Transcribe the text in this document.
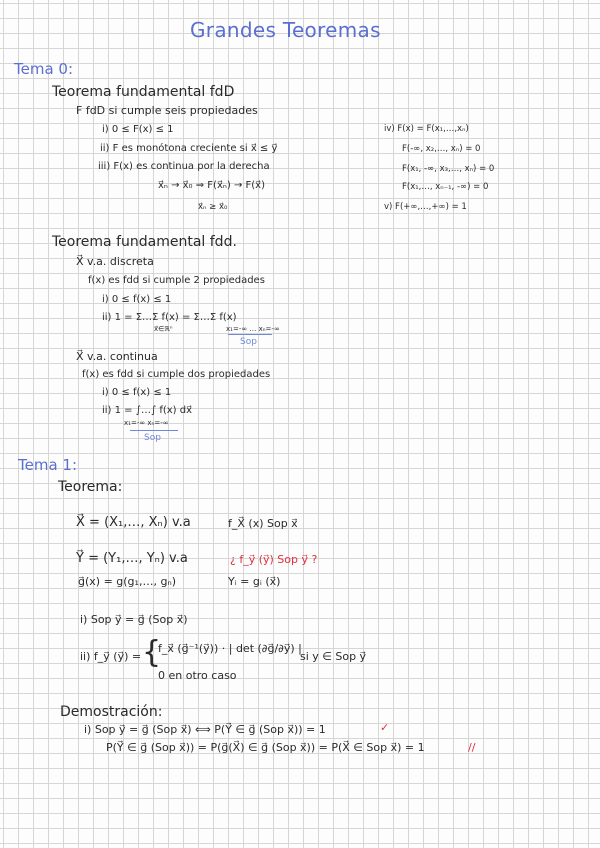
Grandes Teoremas
Tema 0:
Teorema fundamental fdD
F fdD si cumple seis propiedades
i) 0 ≤ F(x) ≤ 1
ii) F es monótona creciente si x⃗ ≤ y⃗
iii) F(x) es continua por la derecha
x⃗ₙ → x⃗₀ ⇒ F(x⃗ₙ) → F(x⃗)
x⃗ₙ ≥ x⃗₀
iv) F(x) = F(x₁,…,xₙ)
F(-∞, x₂,…, xₙ) = 0
F(x₁, -∞, x₃,…, xₙ) = 0
F(x₁,…, xₙ₋₁, -∞) = 0
v) F(+∞,…,+∞) = 1
Teorema fundamental fdd.
X⃗ v.a. discreta
f(x) es fdd si cumple 2 propiedades
i) 0 ≤ f(x) ≤ 1
ii) 1 = Σ…Σ f(x) = Σ…Σ f(x)
x⃗∈ℝⁿ	x₁=-∞ … xₙ=-∞
Sop
X⃗ v.a. continua
f(x) es fdd si cumple dos propiedades
i) 0 ≤ f(x) ≤ 1
ii) 1 = ∫…∫ f(x) dx⃗
x₁=-∞ xₙ=-∞
Sop
Tema 1:
Teorema:
X⃗ = (X₁,…, Xₙ) v.a	f_X⃗ (x) Sop x⃗
Y⃗ = (Y₁,…, Yₙ) v.a	¿ f_y⃗ (y⃗) Sop y⃗ ?
g⃗(x) = g(g₁,…, gₙ)	Yᵢ = gᵢ (x⃗)
i) Sop y⃗ = g⃗ (Sop x⃗)
ii) f_y⃗ (y⃗) = {
f_x⃗ (g⃗⁻¹(y⃗)) · | det (∂g⃗/∂y⃗) |
si y ∈ Sop y⃗
0 en otro caso
Demostración:
i) Sop y⃗ = g⃗ (Sop x⃗) ⟺ P(Y⃗ ∈ g⃗ (Sop x⃗)) = 1	✓
P(Y⃗ ∈ g⃗ (Sop x⃗)) = P(g⃗(X⃗) ∈ g⃗ (Sop x⃗)) = P(X⃗ ∈ Sop x⃗) = 1	//
